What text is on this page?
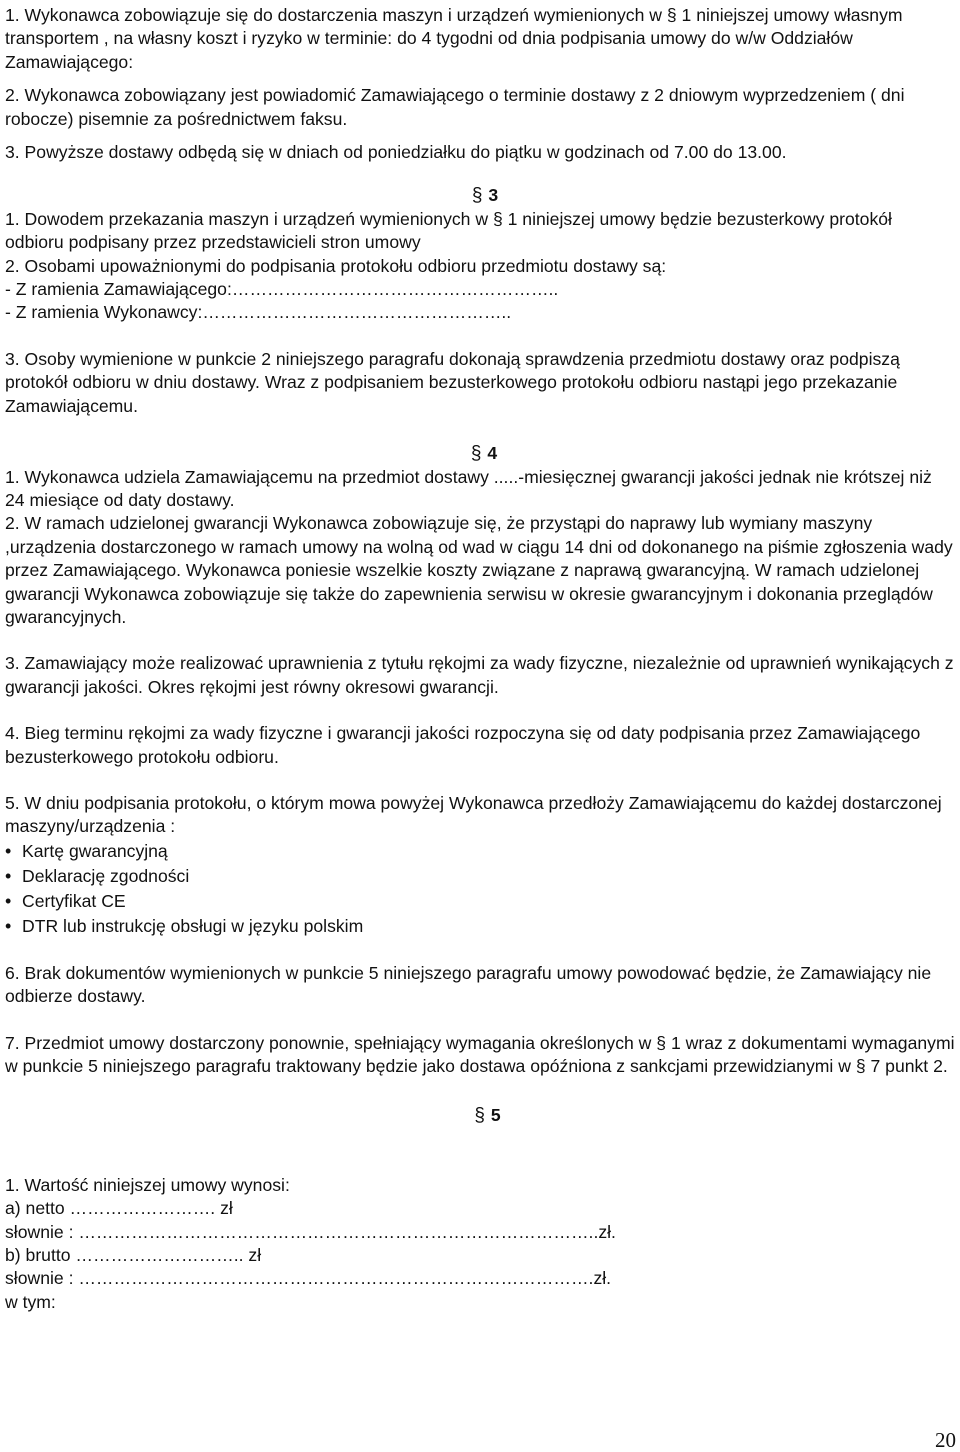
1. Wykonawca zobowiązuje się do dostarczenia maszyn i urządzeń wymienionych w § 1 niniejszej umowy własnym transportem , na własny koszt i ryzyko w terminie: do 4 tygodni od dnia podpisania umowy do w/w Oddziałów Zamawiającego:

2. Wykonawca zobowiązany jest powiadomić Zamawiającego o terminie dostawy z 2 dniowym wyprzedzeniem ( dni robocze) pisemnie za pośrednictwem faksu.

3. Powyższe dostawy odbędą się w dniach od poniedziałku do piątku w godzinach od 7.00 do 13.00.

§ 3

1. Dowodem przekazania maszyn i urządzeń wymienionych w § 1 niniejszej umowy będzie bezusterkowy protokół odbioru podpisany przez przedstawicieli stron umowy

2. Osobami upoważnionymi do podpisania protokołu odbioru przedmiotu dostawy są:

- Z ramienia Zamawiającego:………………………………………………..

- Z ramienia Wykonawcy:……………………………………………..

3. Osoby wymienione w punkcie 2 niniejszego paragrafu dokonają sprawdzenia przedmiotu dostawy oraz podpiszą protokół odbioru w dniu dostawy. Wraz z podpisaniem bezusterkowego protokołu odbioru nastąpi jego przekazanie Zamawiającemu.

§ 4

1. Wykonawca udziela Zamawiającemu na przedmiot dostawy .....-miesięcznej gwarancji jakości jednak nie krótszej niż 24 miesiące od daty dostawy.

2. W ramach udzielonej gwarancji Wykonawca zobowiązuje się, że przystąpi do naprawy lub wymiany maszyny ,urządzenia dostarczonego w ramach umowy na wolną od wad w ciągu 14 dni od dokonanego na piśmie zgłoszenia wady przez Zamawiającego. Wykonawca poniesie wszelkie koszty związane z naprawą gwarancyjną. W ramach udzielonej gwarancji Wykonawca zobowiązuje się także do zapewnienia serwisu w okresie gwarancyjnym i dokonania przeglądów gwarancyjnych.

3. Zamawiający może realizować uprawnienia z tytułu rękojmi za wady fizyczne, niezależnie od uprawnień wynikających z gwarancji jakości. Okres rękojmi jest równy okresowi gwarancji.

4. Bieg terminu rękojmi za wady fizyczne i gwarancji jakości rozpoczyna się od daty podpisania przez Zamawiającego bezusterkowego protokołu odbioru.

5. W dniu podpisania protokołu, o którym mowa powyżej Wykonawca przedłoży Zamawiającemu do każdej dostarczonej maszyny/urządzenia :

• Kartę gwarancyjną
• Deklarację zgodności
• Certyfikat CE
• DTR lub instrukcję obsługi w języku polskim

6. Brak dokumentów wymienionych w punkcie 5 niniejszego paragrafu umowy powodować będzie, że Zamawiający nie odbierze dostawy.

7. Przedmiot umowy dostarczony ponownie, spełniający wymagania określonych w § 1 wraz z dokumentami wymaganymi w punkcie 5 niniejszego paragrafu traktowany będzie jako dostawa opóźniona z sankcjami przewidzianymi w § 7 punkt 2.

§ 5

1. Wartość niniejszej umowy wynosi:

a) netto ……………………. zł

słownie : ……………………………………………………………………………..zł.

b) brutto ……………………….. zł

słownie : …………………………………………………………………………….zł.

w tym:

20
